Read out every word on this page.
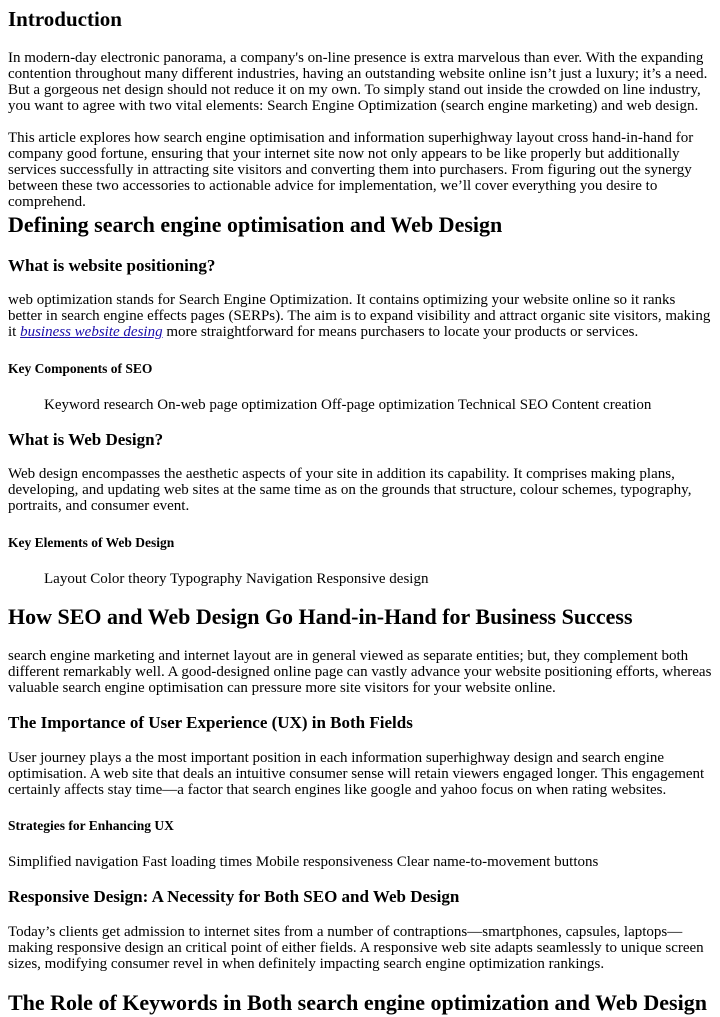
Introduction

In modern-day electronic panorama, a company's on-line presence is extra marvelous than ever. With the expanding contention throughout many different industries, having an outstanding website online isn’t just a luxury; it’s a need. But a gorgeous net design should not reduce it on my own. To simply stand out inside the crowded on line industry, you want to agree with two vital elements: Search Engine Optimization (search engine marketing) and web design.

This article explores how search engine optimisation and information superhighway layout cross hand-in-hand for company good fortune, ensuring that your internet site now not only appears to be like properly but additionally services successfully in attracting site visitors and converting them into purchasers. From figuring out the synergy between these two accessories to actionable advice for implementation, we’ll cover everything you desire to comprehend.

Defining search engine optimisation and Web Design
What is website positioning?

web optimization stands for Search Engine Optimization. It contains optimizing your website online so it ranks better in search engine effects pages (SERPs). The aim is to expand visibility and attract organic site visitors, making it business website desing more straightforward for means purchasers to locate your products or services.

Key Components of SEO

Keyword research On-web page optimization Off-page optimization Technical SEO Content creation

What is Web Design?

Web design encompasses the aesthetic aspects of your site in addition its capability. It comprises making plans, developing, and updating web sites at the same time as on the grounds that structure, colour schemes, typography, portraits, and consumer event.

Key Elements of Web Design

Layout Color theory Typography Navigation Responsive design

How SEO and Web Design Go Hand-in-Hand for Business Success

search engine marketing and internet layout are in general viewed as separate entities; but, they complement both different remarkably well. A good-designed online page can vastly advance your website positioning efforts, whereas valuable search engine optimisation can pressure more site visitors for your website online.

The Importance of User Experience (UX) in Both Fields

User journey plays a the most important position in each information superhighway design and search engine optimisation. A web site that deals an intuitive consumer sense will retain viewers engaged longer. This engagement certainly affects stay time—a factor that search engines like google and yahoo focus on when rating websites.

Strategies for Enhancing UX

Simplified navigation Fast loading times Mobile responsiveness Clear name-to-movement buttons

Responsive Design: A Necessity for Both SEO and Web Design

Today’s clients get admission to internet sites from a number of contraptions—smartphones, capsules, laptops—making responsive design an critical point of either fields. A responsive web site adapts seamlessly to unique screen sizes, modifying consumer revel in when definitely impacting search engine optimization rankings.

The Role of Keywords in Both search engine optimization and Web Design
